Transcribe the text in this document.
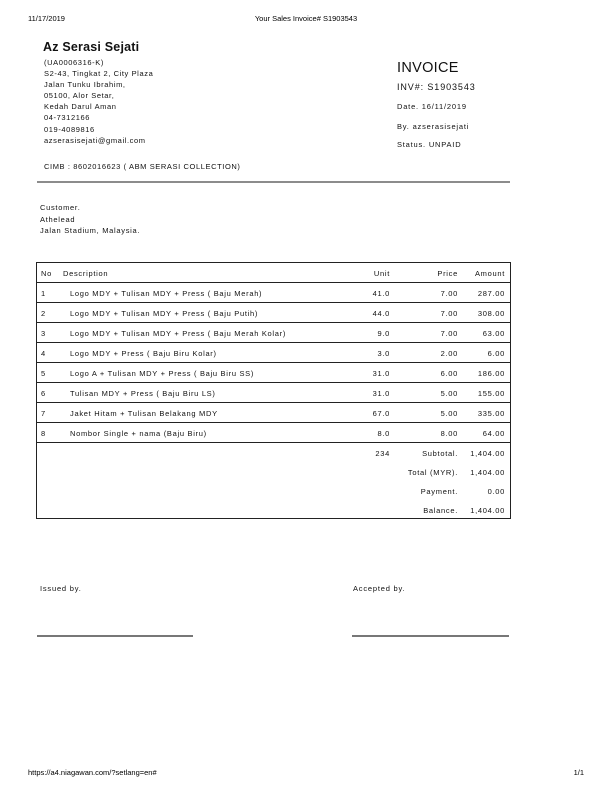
11/17/2019	Your Sales Invoice# S1903543
Az Serasi Sejati
(UA0006316-K)
S2-43, Tingkat 2, City Plaza
Jalan Tunku Ibrahim,
05100, Alor Setar,
Kedah Darul Aman
04-7312166
019-4089816
azserasisejati@gmail.com
CIMB : 8602016623 ( ABM SERASI COLLECTION)
INVOICE
INV#: S1903543
Date. 16/11/2019
By. azserasisejati
Status. UNPAID
Customer.
Athelead
Jalan Stadium, Malaysia.
No Description	Unit	Price Amount
1	Logo MDY + Tulisan MDY + Press ( Baju Merah)	41.0	7.00	287.00
2	Logo MDY + Tulisan MDY + Press ( Baju Putih)	44.0	7.00	308.00
3	Logo MDY + Tulisan MDY + Press ( Baju Merah Kolar)	9.0	7.00	63.00
4	Logo MDY + Press ( Baju Biru Kolar)	3.0	2.00	6.00
5	Logo A + Tulisan MDY + Press ( Baju Biru SS)	31.0	6.00	186.00
6	Tulisan MDY + Press ( Baju Biru LS)	31.0	5.00	155.00
7	Jaket Hitam + Tulisan Belakang MDY	67.0	5.00	335.00
8	Nombor Single + nama (Baju Biru)	8.0	8.00	64.00
234	Subtotal. 1,404.00
Total (MYR). 1,404.00
Payment.	0.00
Balance. 1,404.00
Issued by.	Accepted by.
https://a4.niagawan.com/?setlang=en#	1/1
